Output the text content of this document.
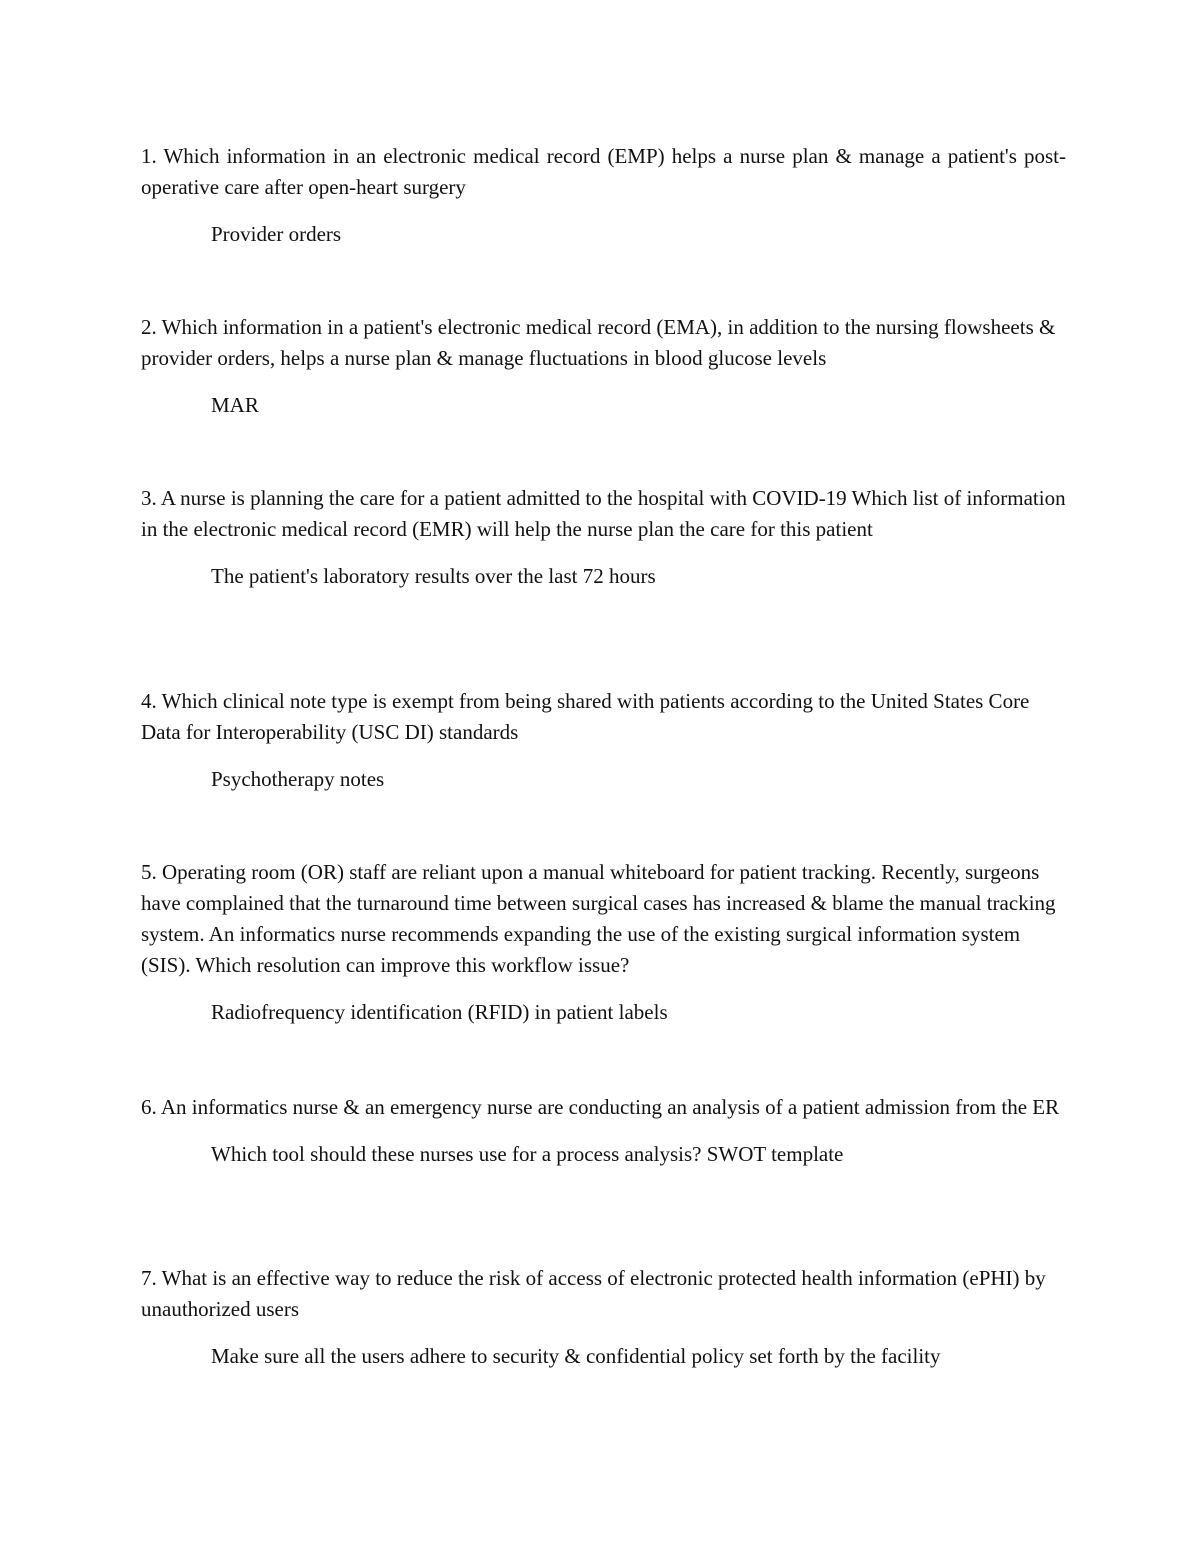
1. Which information in an electronic medical record (EMP) helps a nurse plan & manage a patient's post-operative care after open-heart surgery

Provider orders

2. Which information in a patient's electronic medical record (EMA), in addition to the nursing flowsheets & provider orders, helps a nurse plan & manage fluctuations in blood glucose levels

MAR

3. A nurse is planning the care for a patient admitted to the hospital with COVID-19 Which list of information in the electronic medical record (EMR) will help the nurse plan the care for this patient

The patient's laboratory results over the last 72 hours

4. Which clinical note type is exempt from being shared with patients according to the United States Core Data for Interoperability (USC DI) standards

Psychotherapy notes

5. Operating room (OR) staff are reliant upon a manual whiteboard for patient tracking. Recently, surgeons have complained that the turnaround time between surgical cases has increased & blame the manual tracking system. An informatics nurse recommends expanding the use of the existing surgical information system (SIS). Which resolution can improve this workflow issue?

Radiofrequency identification (RFID) in patient labels

6. An informatics nurse & an emergency nurse are conducting an analysis of a patient admission from the ER

Which tool should these nurses use for a process analysis? SWOT template

7. What is an effective way to reduce the risk of access of electronic protected health information (ePHI) by unauthorized users

Make sure all the users adhere to security & confidential policy set forth by the facility
